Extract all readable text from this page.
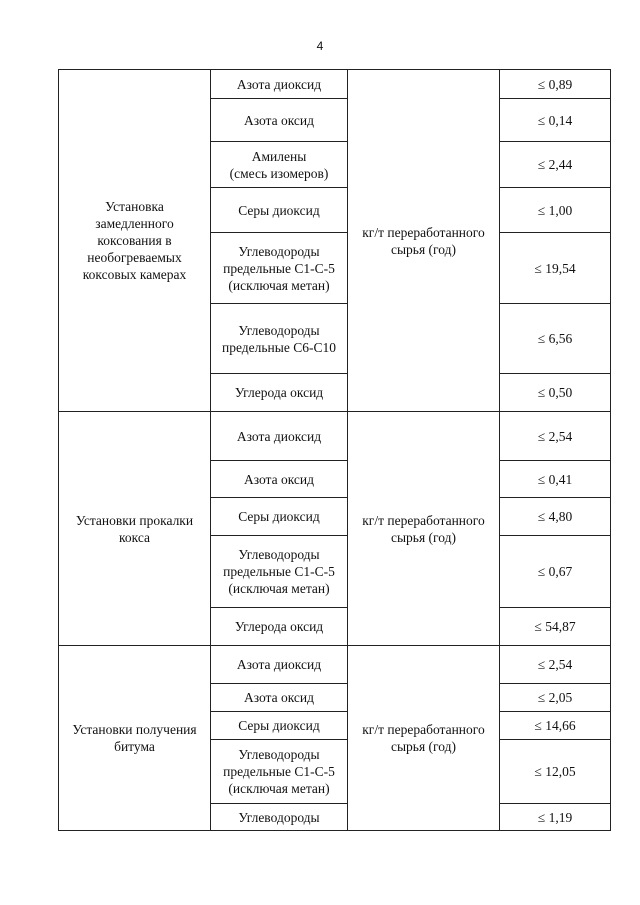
4
Установка
замедленного
коксования в
необогреваемых
коксовых камерах	Азота диоксид	кг/т переработанного
сырья (год)	≤ 0,89
	Азота оксид		≤ 0,14
	Амилены
(смесь изомеров)		≤ 2,44
	Серы диоксид		≤ 1,00
	Углеводороды
предельные С1-С-5
(исключая метан)		≤ 19,54
	Углеводороды
предельные С6-С10		≤ 6,56
	Углерода оксид		≤ 0,50
Установки прокалки
кокса	Азота диоксид	кг/т переработанного
сырья (год)	≤ 2,54
	Азота оксид		≤ 0,41
	Серы диоксид		≤ 4,80
	Углеводороды
предельные С1-С-5
(исключая метан)		≤ 0,67
	Углерода оксид		≤ 54,87
Установки получения
битума	Азота диоксид	кг/т переработанного
сырья (год)	≤ 2,54
	Азота оксид		≤ 2,05
	Серы диоксид		≤ 14,66
	Углеводороды
предельные С1-С-5
(исключая метан)		≤ 12,05
	Углеводороды		≤ 1,19
